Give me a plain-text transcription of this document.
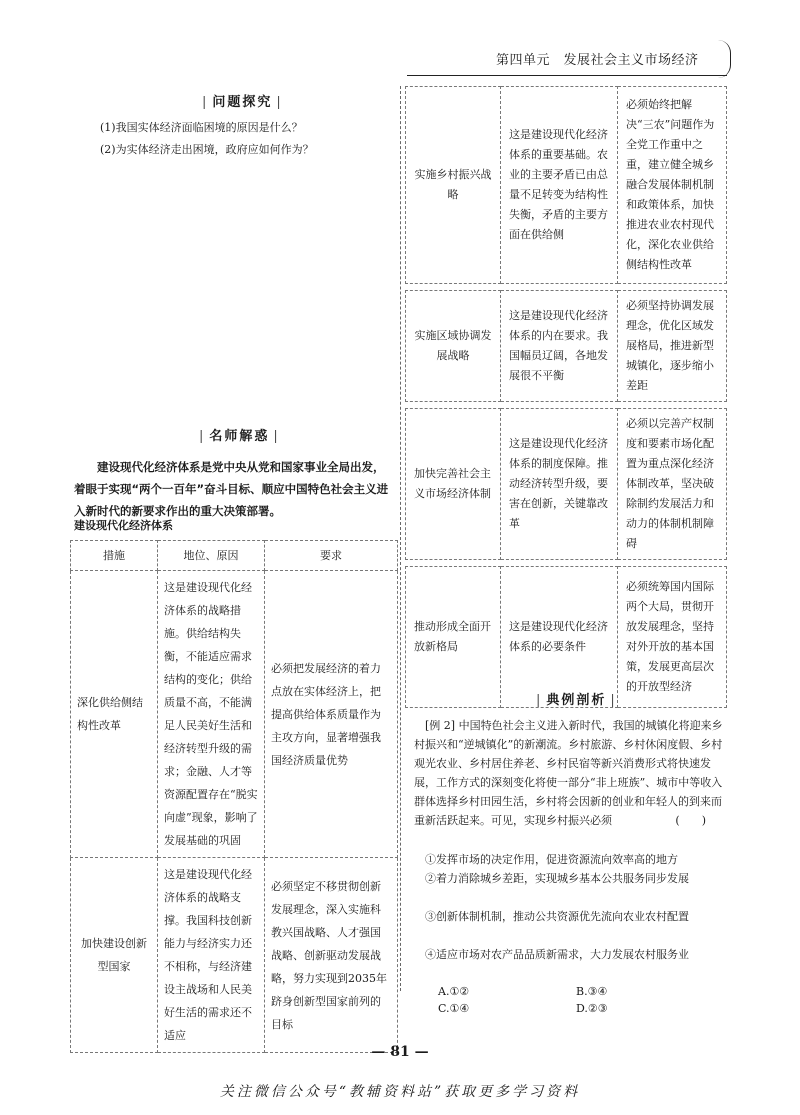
第四单元　发展社会主义市场经济
| 问题探究 |
(1)我国实体经济面临困境的原因是什么？
(2)为实体经济走出困境，政府应如何作为？
| 名师解惑 |
建设现代化经济体系是党中央从党和国家事业全局出发，着眼于实现“两个一百年”奋斗目标、顺应中国特色社会主义进入新时代的新要求作出的重大决策部署。
建设现代化经济体系
措施	地位、原因	要求
深化供给侧结构性改革	这是建设现代化经济体系的战略措施。供给结构失衡，不能适应需求结构的变化；供给质量不高，不能满足人民美好生活和经济转型升级的需求；金融、人才等资源配置存在“脱实向虚”现象，影响了发展基础的巩固	必须把发展经济的着力点放在实体经济上，把提高供给体系质量作为主攻方向，显著增强我国经济质量优势
加快建设创新型国家	这是建设现代化经济体系的战略支撑。我国科技创新能力与经济实力还不相称，与经济建设主战场和人民美好生活的需求还不适应	必须坚定不移贯彻创新发展理念，深入实施科教兴国战略、人才强国战略、创新驱动发展战略，努力实现到2035年跻身创新型国家前列的目标
实施乡村振兴战略	这是建设现代化经济体系的重要基础。农业的主要矛盾已由总量不足转变为结构性失衡，矛盾的主要方面在供给侧	必须始终把解决“三农”问题作为全党工作重中之重，建立健全城乡融合发展体制机制和政策体系，加快推进农业农村现代化，深化农业供给侧结构性改革
实施区域协调发展战略	这是建设现代化经济体系的内在要求。我国幅员辽阔，各地发展很不平衡	必须坚持协调发展理念，优化区域发展格局，推进新型城镇化，逐步缩小差距
加快完善社会主义市场经济体制	这是建设现代化经济体系的制度保障。推动经济转型升级，要害在创新，关键靠改革	必须以完善产权制度和要素市场化配置为重点深化经济体制改革，坚决破除制约发展活力和动力的体制机制障碍
推动形成全面开放新格局	这是建设现代化经济体系的必要条件	必须统筹国内国际两个大局，贯彻开放发展理念，坚持对外开放的基本国策，发展更高层次的开放型经济
| 典例剖析 |
[例 2] 中国特色社会主义进入新时代，我国的城镇化将迎来乡村振兴和“逆城镇化”的新潮流。乡村旅游、乡村休闲度假、乡村观光农业、乡村居住养老、乡村民宿等新兴消费形式将快速发展，工作方式的深刻变化将使一部分“非上班族”、城市中等收入群体选择乡村田园生活，乡村将会因新的创业和年轻人的到来而重新活跃起来。可见，实现乡村振兴必须	(　　)
①发挥市场的决定作用，促进资源流向效率高的地方
②着力消除城乡差距，实现城乡基本公共服务同步发展
③创新体制机制，推动公共资源优先流向农业农村配置
④适应市场对农产品品质新需求，大力发展农村服务业
A.①②	B.③④
C.①④	D.②③
— 81 —
关注微信公众号“教辅资料站”获取更多学习资料
